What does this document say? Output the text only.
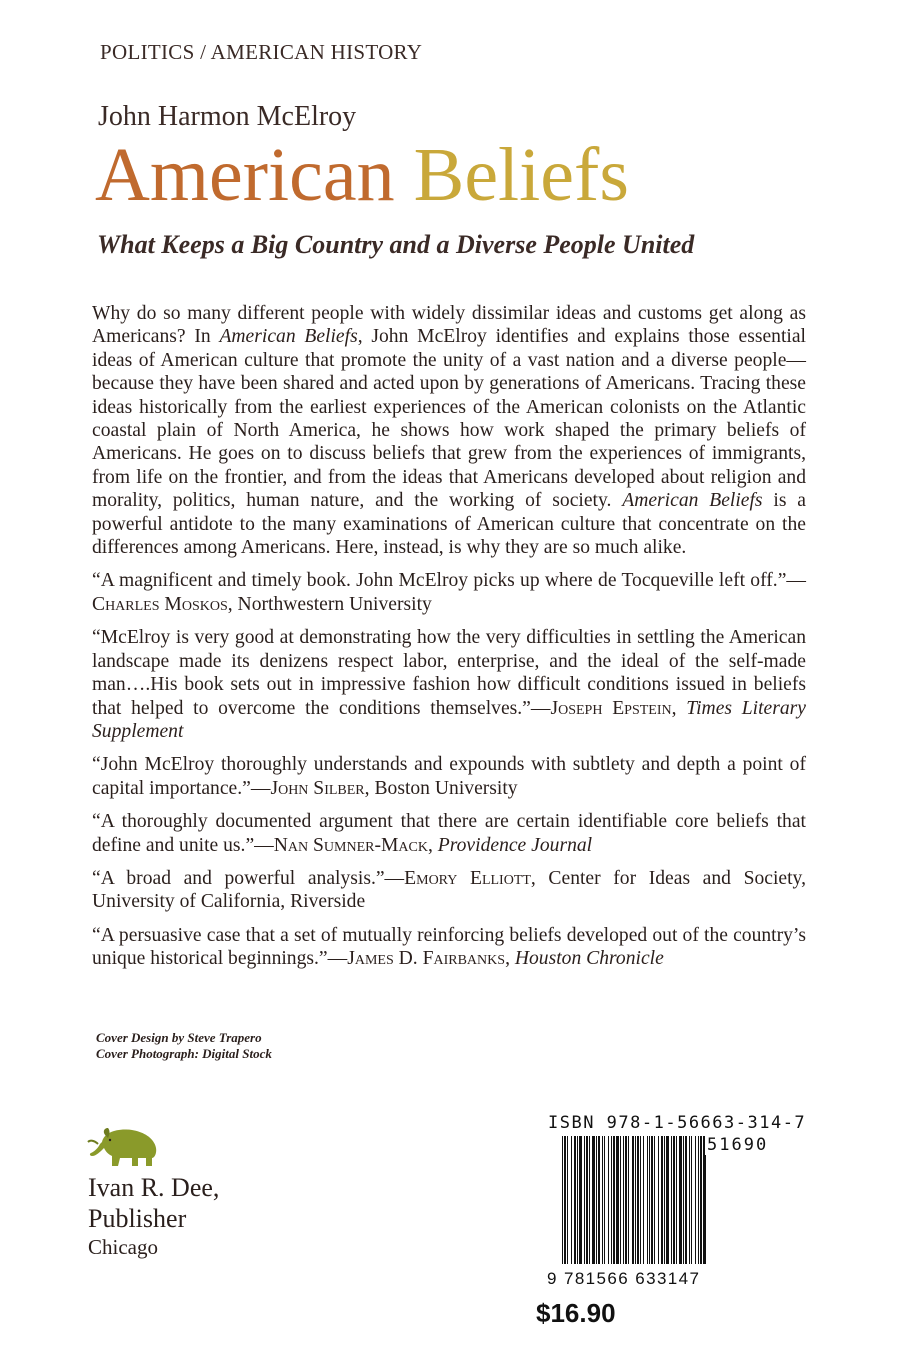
POLITICS / AMERICAN HISTORY
John Harmon McElroy
American Beliefs
What Keeps a Big Country and a Diverse People United

Why do so many different people with widely dissimilar ideas and customs get along as Americans? In American Beliefs, John McElroy identifies and explains those essential ideas of American culture that promote the unity of a vast nation and a diverse people—because they have been shared and acted upon by generations of Americans. Tracing these ideas historically from the earliest experiences of the American colonists on the Atlantic coastal plain of North America, he shows how work shaped the primary beliefs of Americans. He goes on to discuss beliefs that grew from the experiences of immigrants, from life on the frontier, and from the ideas that Americans developed about religion and morality, politics, human nature, and the working of society. American Beliefs is a powerful antidote to the many examinations of American culture that concentrate on the differences among Americans. Here, instead, is why they are so much alike.

“A magnificent and timely book. John McElroy picks up where de Tocqueville left off.”—Charles Moskos, Northwestern University

“McElroy is very good at demonstrating how the very difficulties in settling the American landscape made its denizens respect labor, enterprise, and the ideal of the self-made man….His book sets out in impressive fashion how difficult conditions issued in beliefs that helped to overcome the conditions themselves.”—Joseph Epstein, Times Literary Supplement

“John McElroy thoroughly understands and expounds with subtlety and depth a point of capital importance.”—John Silber, Boston University

“A thoroughly documented argument that there are certain identifiable core beliefs that define and unite us.”—Nan Sumner-Mack, Providence Journal

“A broad and powerful analysis.”—Emory Elliott, Center for Ideas and Society, University of California, Riverside

“A persuasive case that a set of mutually reinforcing beliefs developed out of the country’s unique historical beginnings.”—James D. Fairbanks, Houston Chronicle

Cover Design by Steve Trapero
Cover Photograph: Digital Stock
Ivan R. Dee,
Publisher
Chicago
ISBN 978-1-56663-314-7
51690
9 781566 633147
$16.90
